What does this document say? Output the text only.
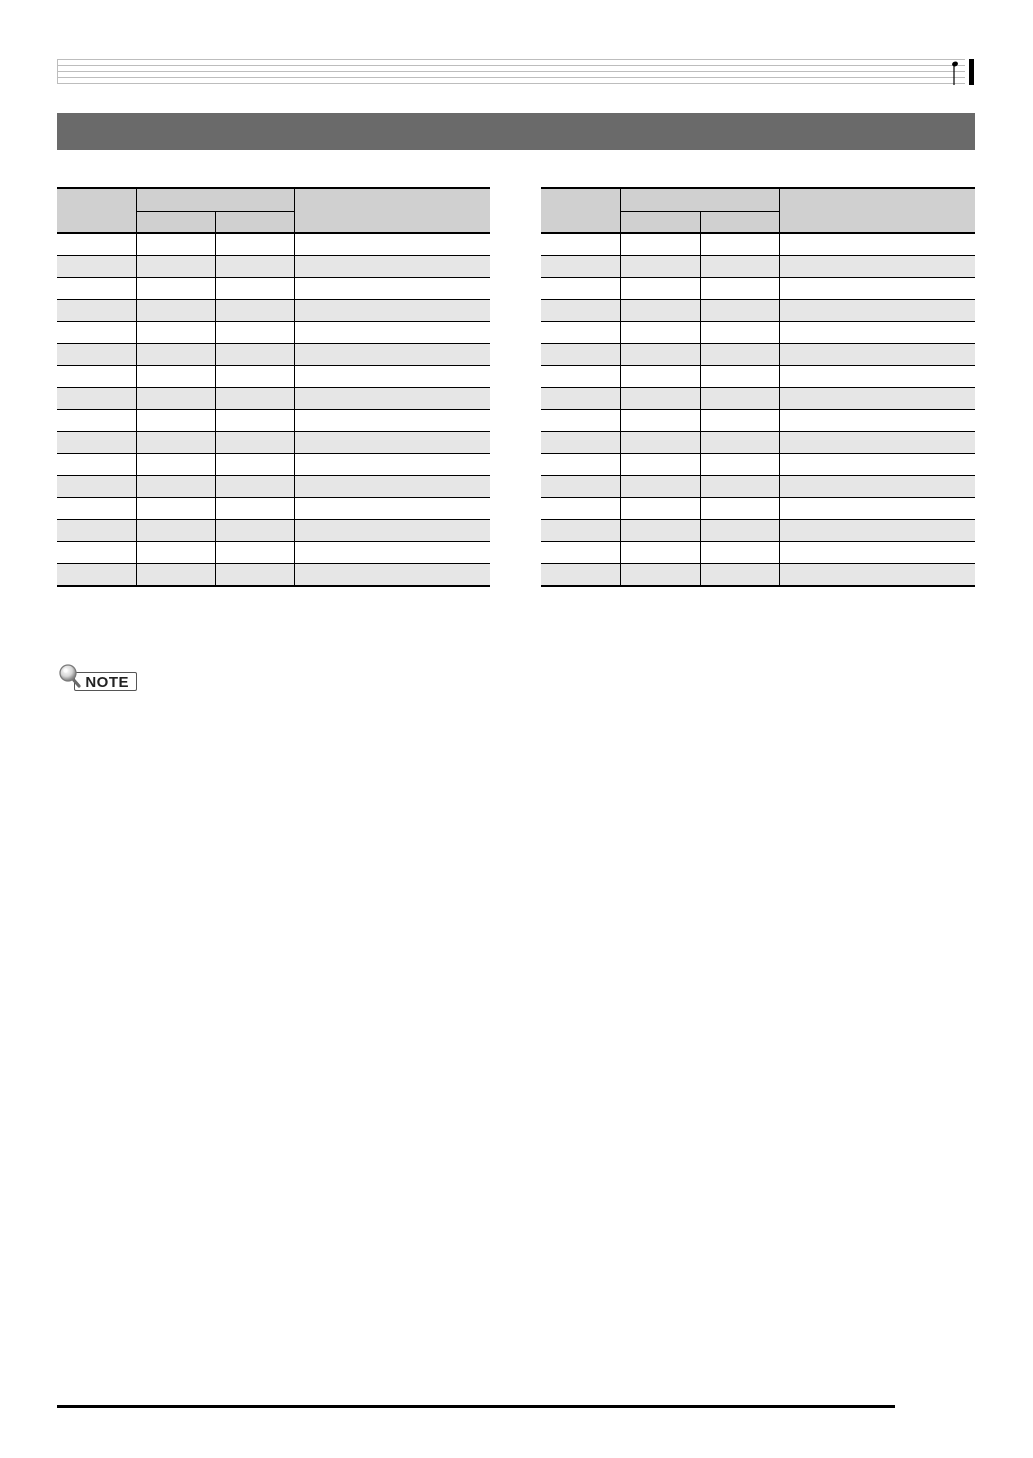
NOTE
